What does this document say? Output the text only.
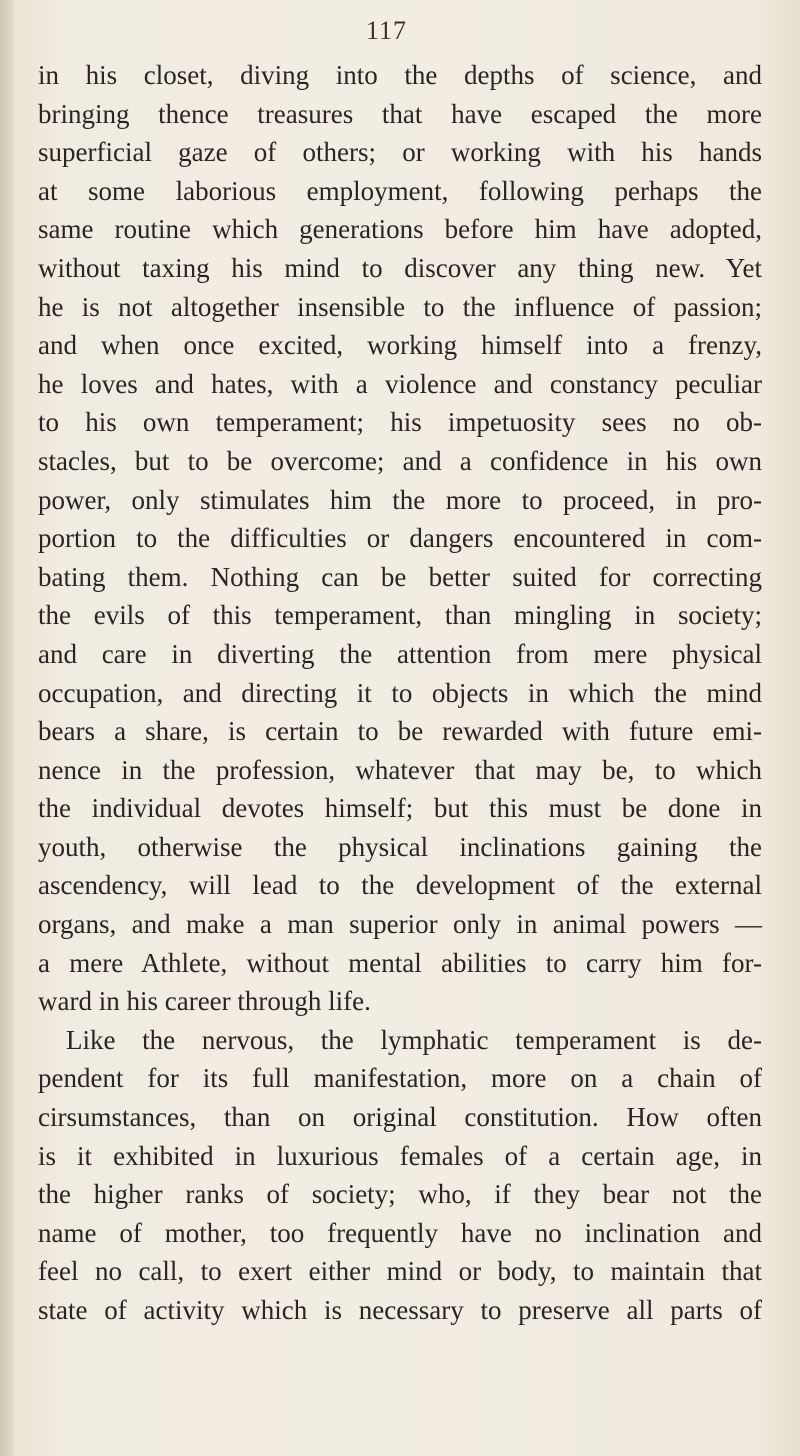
117
in his closet, diving into the depths of science, and
bringing thence treasures that have escaped the more
superficial gaze of others; or working with his hands
at some laborious employment, following perhaps the
same routine which generations before him have adopted,
without taxing his mind to discover any thing new. Yet
he is not altogether insensible to the influence of passion;
and when once excited, working himself into a frenzy,
he loves and hates, with a violence and constancy peculiar
to his own temperament; his impetuosity sees no ob-
stacles, but to be overcome; and a confidence in his own
power, only stimulates him the more to proceed, in pro-
portion to the difficulties or dangers encountered in com-
bating them. Nothing can be better suited for correcting
the evils of this temperament, than mingling in society;
and care in diverting the attention from mere physical
occupation, and directing it to objects in which the mind
bears a share, is certain to be rewarded with future emi-
nence in the profession, whatever that may be, to which
the individual devotes himself; but this must be done in
youth, otherwise the physical inclinations gaining the
ascendency, will lead to the development of the external
organs, and make a man superior only in animal powers —
a mere Athlete, without mental abilities to carry him for-
ward in his career through life.
Like the nervous, the lymphatic temperament is de-
pendent for its full manifestation, more on a chain of
cirsumstances, than on original constitution. How often
is it exhibited in luxurious females of a certain age, in
the higher ranks of society; who, if they bear not the
name of mother, too frequently have no inclination and
feel no call, to exert either mind or body, to maintain that
state of activity which is necessary to preserve all parts of
